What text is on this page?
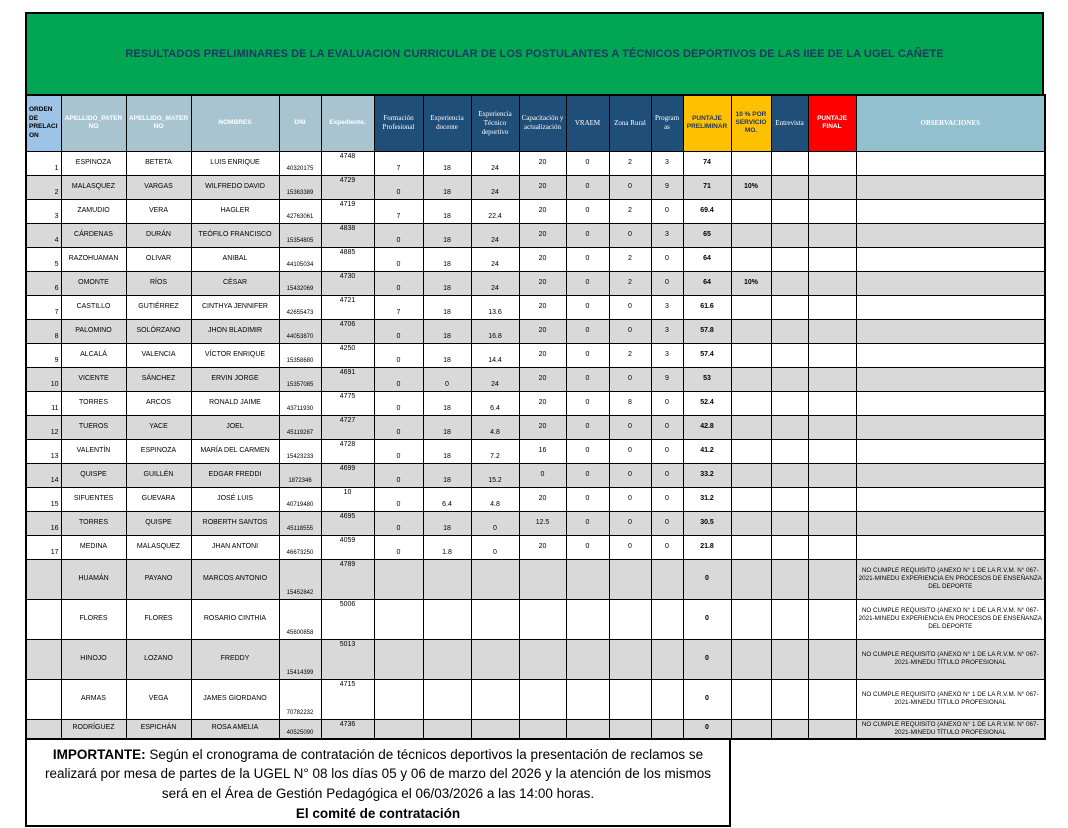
RESULTADOS PRELIMINARES DE LA EVALUACION CURRICULAR DE LOS POSTULANTES A TÉCNICOS DEPORTIVOS DE LAS IIEE DE LA UGEL CAÑETE
ORDEN DE PRELACION	APELLIDO_PATERNO	APELLIDO_MATERNO	NOMBRES	DNI	Expediente.	Formación Profesional	Experiencia docente	Experiencia Técnico deportivo	Capacitación y actualización	VRAEM	Zona Rural	Programas	PUNTAJE PRELIMINAR	10 % POR SERVICIO MO.	Entrevista	PUNTAJE FINAL	OBSERVACIONES
1	ESPINOZA	BETETA	LUIS ENRIQUE	40320175	4748	7	18	24	20	0	2	3	74				

2	MALASQUEZ	VARGAS	WILFREDO DAVID	15363389	4729	0	18	24	20	0	0	9	71	10%			

3	ZAMUDIO	VERA	HAGLER	42763061	4719	7	18	22.4	20	0	2	0	69.4				

4	CÁRDENAS	DURÁN	TEÓFILO FRANCISCO	15354805	4838	0	18	24	20	0	0	3	65				

5	RAZOHUAMAN	OLIVAR	ANIBAL	44105034	4885	0	18	24	20	0	2	0	64				

6	OMONTE	RÍOS	CÉSAR	15432069	4730	0	18	24	20	0	2	0	64	10%			

7	CASTILLO	GUTIÉRREZ	CINTHYA JENNIFER	42655473	4721	7	18	13.6	20	0	0	3	61.6				

8	PALOMINO	SOLÓRZANO	JHON BLADIMIR	44053870	4706	0	18	16.8	20	0	0	3	57.8				

9	ALCALÁ	VALENCIA	VÍCTOR ENRIQUE	15358680	4250	0	18	14.4	20	0	2	3	57.4				

10	VICENTE	SÁNCHEZ	ERVIN JORGE	15357085	4691	0	0	24	20	0	0	9	53				

11	TORRES	ARCOS	RONALD JAIME	43711930	4775	0	18	6.4	20	0	8	0	52.4				

12	TUEROS	YACE	JOEL	45119287	4727	0	18	4.8	20	0	0	0	42.8				

13	VALENTÍN	ESPINOZA	MARÍA DEL CARMEN	15423233	4728	0	18	7.2	16	0	0	0	41.2				

14	QUISPE	GUILLÉN	EDGAR FREDDI	1872346	4699	0	18	15.2	0	0	0	0	33.2				

15	SIFUENTES	GUEVARA	JOSÉ LUIS	40719480	10	0	6.4	4.8	20	0	0	0	31.2				

16	TORRES	QUISPE	ROBERTH SANTOS	45118555	4695	0	18	0	12.5	0	0	0	30.5				

17	MEDINA	MALASQUEZ	JHAN ANTONI	46673250	4059	0	1.8	0	20	0	0	0	21.8				

	HUAMÁN	PAYANO	MARCOS ANTONIO	15452842	4789								0				NO CUMPLE REQUISITO (ANEXO N° 1 DE LA R.V.M. N° 067-2021-MINEDU EXPERIENCIA EN PROCESOS DE ENSEÑANZA DEL DEPORTE

	FLORES	FLORES	ROSARIO CINTHIA	45600858	5006								0				NO CUMPLE REQUISITO (ANEXO N° 1 DE LA R.V.M. N° 067-2021-MINEDU EXPERIENCIA EN PROCESOS DE ENSEÑANZA DEL DEPORTE

	HINOJO	LOZANO	FREDDY	15414399	5013								0				NO CUMPLE REQUISITO (ANEXO N° 1 DE LA R.V.M. N° 067-2021-MINEDU TÍTULO PROFESIONAL

	ARMAS	VEGA	JAMES GIORDANO	70782232	4715								0				NO CUMPLE REQUISITO (ANEXO N° 1 DE LA R.V.M. N° 067-2021-MINEDU TÍTULO PROFESIONAL

	RODRÍGUEZ	ESPICHÁN	ROSA AMELIA	40525090	4736								0				NO CUMPLE REQUISITO (ANEXO N° 1 DE LA R.V.M. N° 067-2021-MINEDU TÍTULO PROFESIONAL

IMPORTANTE: Según el cronograma de contratación de técnicos deportivos la presentación de reclamos se realizará por mesa de partes de la UGEL N° 08 los días 05 y 06 de marzo del 2026 y la atención de los mismos será en el Área de Gestión Pedagógica el 06/03/2026 a las 14:00 horas.

El comité de contratación
